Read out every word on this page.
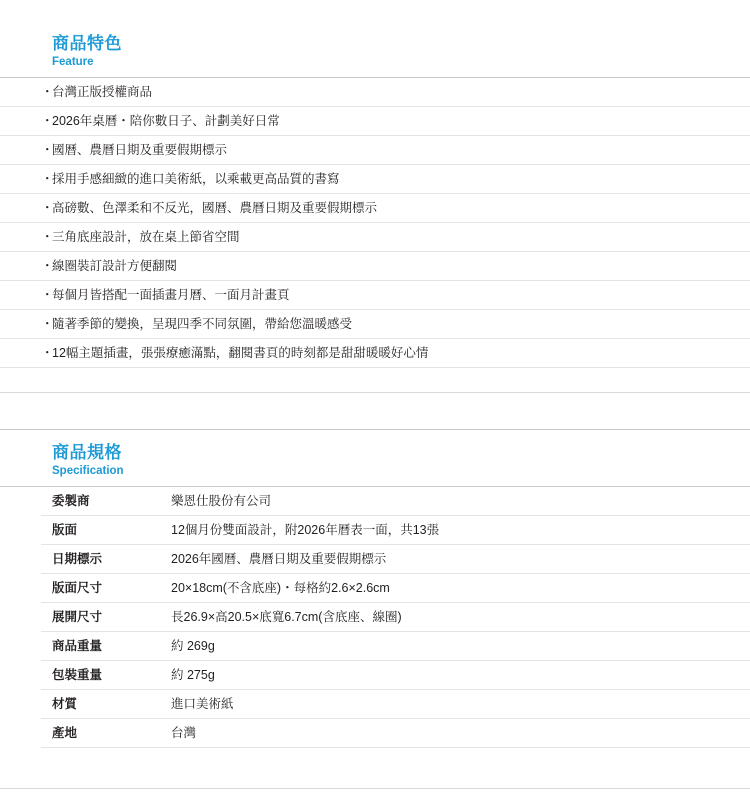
商品特色
Feature
・
台灣正版授權商品
・
2026年桌曆・陪你數日子、計劃美好日常
・
國曆、農曆日期及重要假期標示
・
採用手感細緻的進口美術紙，以乘載更高品質的書寫
・
高磅數、色澤柔和不反光，國曆、農曆日期及重要假期標示
・
三角底座設計，放在桌上節省空間
・
線圈裝訂設計方便翻閱
・
每個月皆搭配一面插畫月曆、一面月計畫頁
・
隨著季節的變換，呈現四季不同氛圍，帶給您溫暖感受
・
12幅主題插畫，張張療癒滿點，翻閱書頁的時刻都是甜甜暖暖好心情
商品規格
Specification
委製商	樂恩仕股份有公司
版面	12個月份雙面設計，附2026年曆表一面，共13張
日期標示	2026年國曆、農曆日期及重要假期標示
版面尺寸	20×18cm(不含底座)・每格約2.6×2.6cm
展開尺寸	長26.9×高20.5×底寬6.7cm(含底座、線圈)
商品重量	約 269g
包裝重量	約 275g
材質	進口美術紙
產地	台灣
